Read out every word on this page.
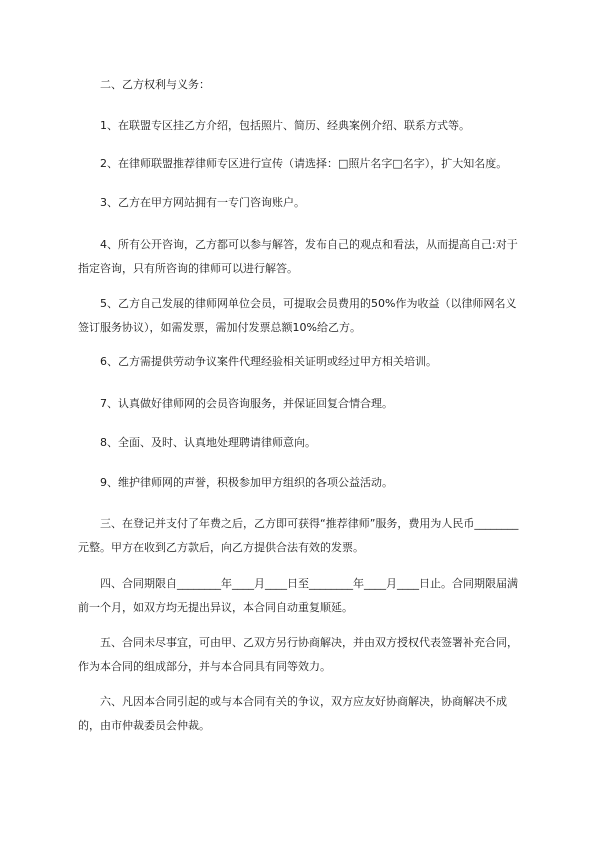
二、乙方权利与义务：

1、在联盟专区挂乙方介绍，包括照片、简历、经典案例介绍、联系方式等。

2、在律师联盟推荐律师专区进行宣传（请选择：□照片名字□名字），扩大知名度。

3、乙方在甲方网站拥有一专门咨询账户。

4、所有公开咨询，乙方都可以参与解答，发布自己的观点和看法，从而提高自己:对于指定咨询，只有所咨询的律师可以进行解答。

5、乙方自己发展的律师网单位会员，可提取会员费用的50%作为收益（以律师网名义签订服务协议），如需发票，需加付发票总额10%给乙方。

6、乙方需提供劳动争议案件代理经验相关证明或经过甲方相关培训。

7、认真做好律师网的会员咨询服务，并保证回复合情合理。

8、全面、及时、认真地处理聘请律师意向。

9、维护律师网的声誉，积极参加甲方组织的各项公益活动。

三、在登记并支付了年费之后，乙方即可获得“推荐律师”服务，费用为人民币________元整。甲方在收到乙方款后，向乙方提供合法有效的发票。

四、合同期限自________年____月____日至________年____月____日止。合同期限届满前一个月，如双方均无提出异议，本合同自动重复顺延。

五、合同未尽事宜，可由甲、乙双方另行协商解决，并由双方授权代表签署补充合同，作为本合同的组成部分，并与本合同具有同等效力。

六、凡因本合同引起的或与本合同有关的争议，双方应友好协商解决，协商解决不成的，由市仲裁委员会仲裁。
